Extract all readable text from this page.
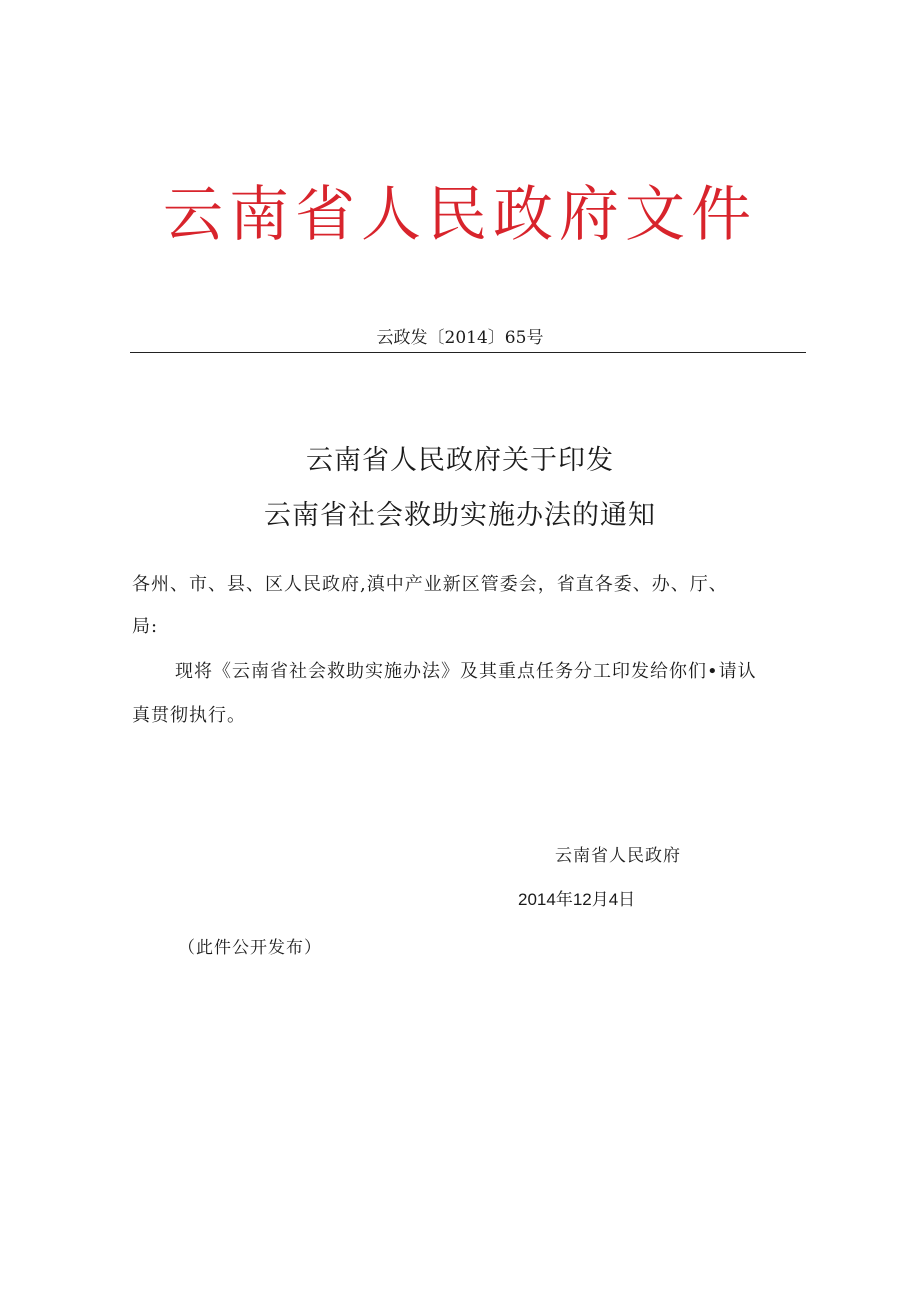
云南省人民政府文件
云政发〔2014〕65号
云南省人民政府关于印发
云南省社会救助实施办法的通知
各州、市、县、区人民政府,滇中产业新区管委会，省直各委、办、厅、
局:
现将《云南省社会救助实施办法》及其重点任务分工印发给你们•请认
真贯彻执行。
云南省人民政府
2014年12月4日
（此件公开发布）
